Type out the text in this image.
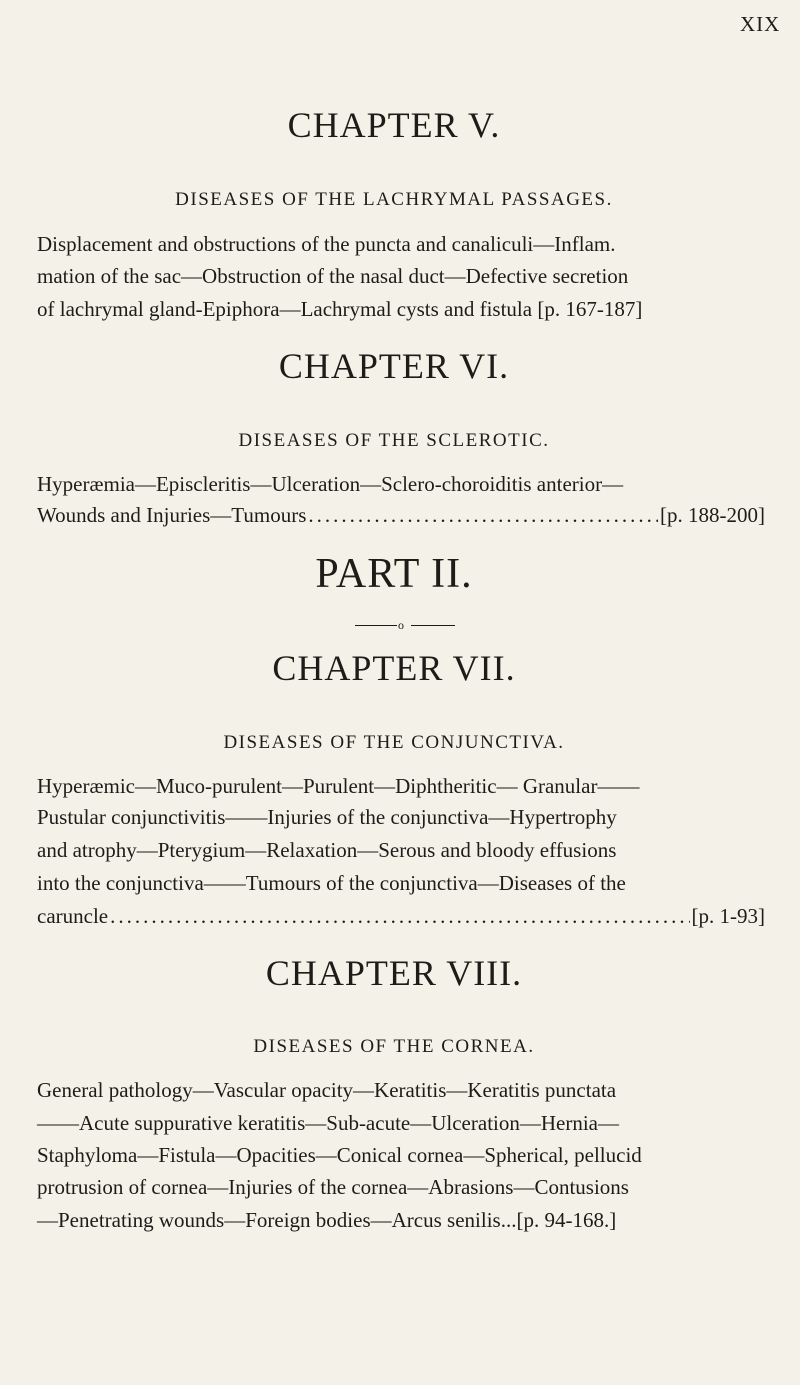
XIX
CHAPTER V.
DISEASES OF THE LACHRYMAL PASSAGES.
Displacement and obstructions of the puncta and canaliculi—Inflam.
mation of the sac—Obstruction of the nasal duct—Defective secretion
of lachrymal gland-Epiphora—Lachrymal cysts and fistula [p. 167-187]
CHAPTER VI.
DISEASES OF THE SCLEROTIC.
Hyperæmia—Episcleritis—Ulceration—Sclero-choroiditis anterior—
Wounds and Injuries—Tumours .....	[p. 188-200]
PART II.
o
CHAPTER VII.
DISEASES OF THE CONJUNCTIVA.
Hyperæmic—Muco-purulent—Purulent—Diphtheritic— Granular——
Pustular conjunctivitis——Injuries of the conjunctiva—Hypertrophy
and atrophy—Pterygium—Relaxation—Serous and bloody effusions
into the conjunctiva——Tumours of the conjunctiva—Diseases of the
caruncle .....	[p. 1-93]
CHAPTER VIII.
DISEASES OF THE CORNEA.
General pathology—Vascular opacity—Keratitis—Keratitis punctata
——Acute suppurative keratitis—Sub-acute—Ulceration—Hernia—
Staphyloma—Fistula—Opacities—Conical cornea—Spherical, pellucid
protrusion of cornea—Injuries of the cornea—Abrasions—Contusions
—Penetrating wounds—Foreign bodies—Arcus senilis...[p. 94-168.]
